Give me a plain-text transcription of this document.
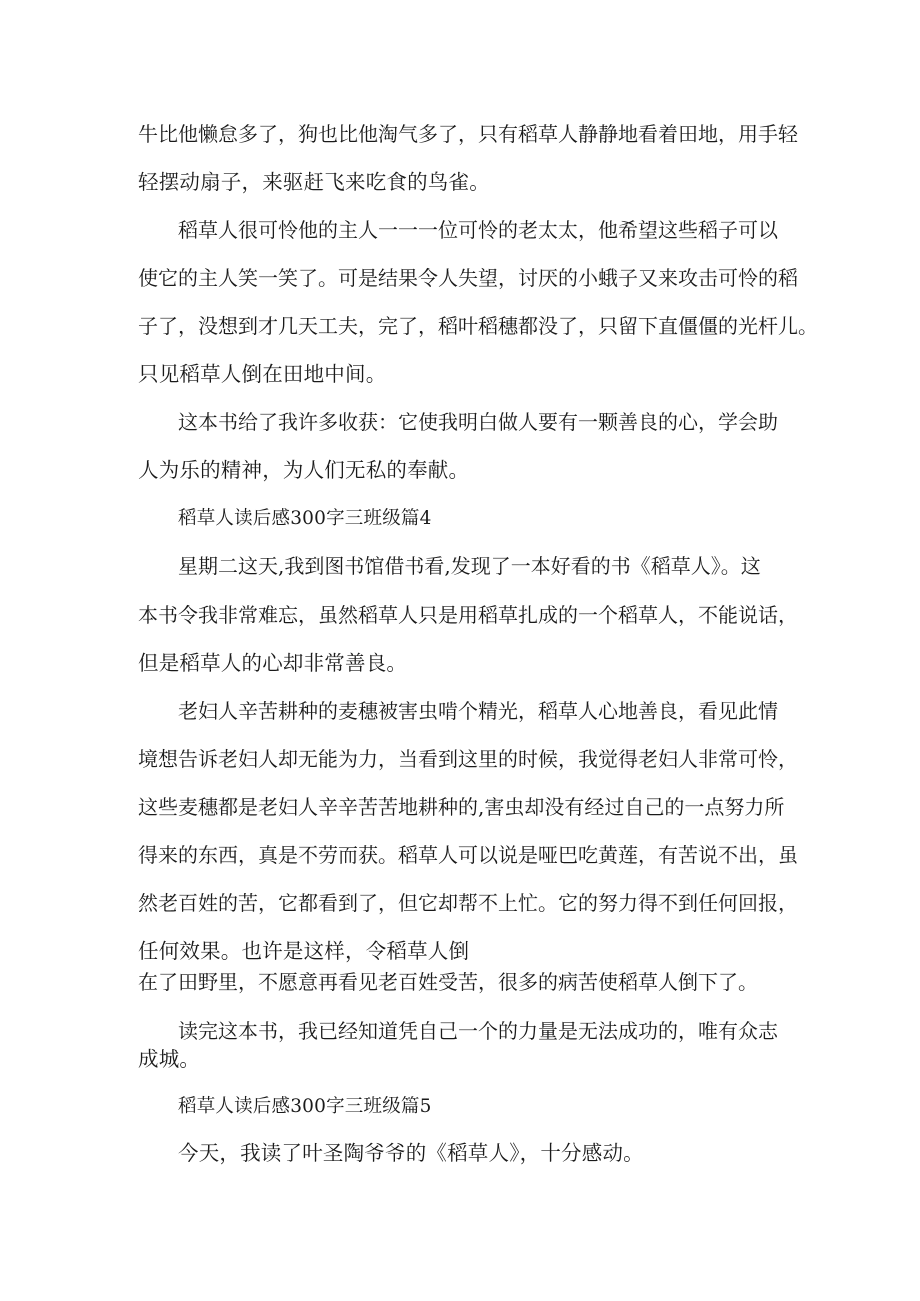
牛比他懒怠多了，狗也比他淘气多了，只有稻草人静静地看着田地，用手轻
轻摆动扇子，来驱赶飞来吃食的鸟雀。
稻草人很可怜他的主人一一一位可怜的老太太，他希望这些稻子可以
使它的主人笑一笑了。可是结果令人失望，讨厌的小蛾子又来攻击可怜的稻
子了，没想到才几天工夫，完了，稻叶稻穗都没了，只留下直僵僵的光杆儿。
只见稻草人倒在田地中间。
这本书给了我许多收获：它使我明白做人要有一颗善良的心，学会助
人为乐的精神，为人们无私的奉献。
稻草人读后感300字三班级篇4
星期二这天,我到图书馆借书看,发现了一本好看的书《稻草人》。这
本书令我非常难忘，虽然稻草人只是用稻草扎成的一个稻草人，不能说话，
但是稻草人的心却非常善良。
老妇人辛苦耕种的麦穗被害虫啃个精光，稻草人心地善良，看见此情
境想告诉老妇人却无能为力，当看到这里的时候，我觉得老妇人非常可怜，
这些麦穗都是老妇人辛辛苦苦地耕种的,害虫却没有经过自己的一点努力所
得来的东西，真是不劳而获。稻草人可以说是哑巴吃黄莲，有苦说不出，虽
然老百姓的苦，它都看到了，但它却帮不上忙。它的努力得不到任何回报，
任何效果。也许是这样，令稻草人倒
在了田野里，不愿意再看见老百姓受苦，很多的病苦使稻草人倒下了。
读完这本书，我已经知道凭自己一个的力量是无法成功的，唯有众志
成城。
稻草人读后感300字三班级篇5
今天，我读了叶圣陶爷爷的《稻草人》，十分感动。
